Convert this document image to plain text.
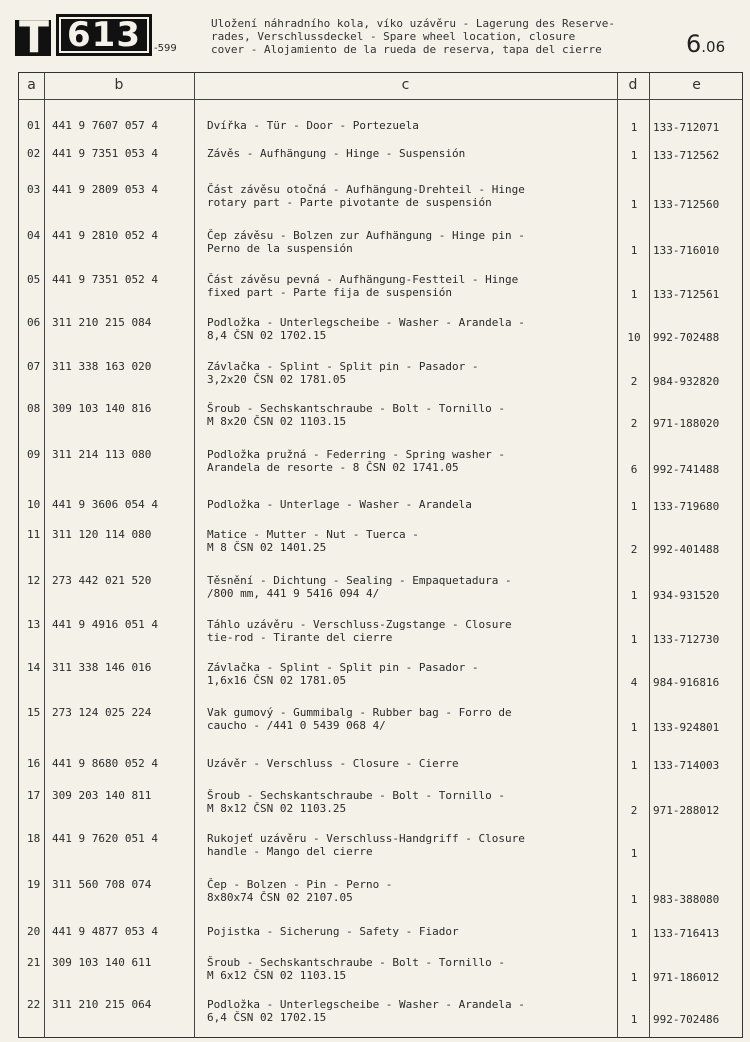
T 613	-599
Uložení náhradního kola, víko uzávěru - Lagerung des Reserve-
rades, Verschlussdeckel - Spare wheel location, closure
cover - Alojamiento de la rueda de reserva, tapa del cierre	6.06
a	b	c	d	e
01 441 9 7607 057 4	Dvířka - Tür - Door - Portezuela	1	133-712071
02 441 9 7351 053 4	Závěs - Aufhängung - Hinge - Suspensión	1	133-712562
03 441 9 2809 053 4	Část závěsu otočná - Aufhängung-Drehteil - Hinge
rotary part - Parte pivotante de suspensión	1	133-712560
04 441 9 2810 052 4	Čep závěsu - Bolzen zur Aufhängung - Hinge pin -
Perno de la suspensión	1	133-716010
05 441 9 7351 052 4	Část závěsu pevná - Aufhängung-Festteil - Hinge
fixed part - Parte fija de suspensión	1	133-712561
06 311 210 215 084	Podložka - Unterlegscheibe - Washer - Arandela -
8,4 ČSN 02 1702.15	10	992-702488
07 311 338 163 020	Závlačka - Splint - Split pin - Pasador -
3,2x20 ČSN 02 1781.05	2	984-932820
08 309 103 140 816	Šroub - Sechskantschraube - Bolt - Tornillo -
M 8x20 ČSN 02 1103.15	2	971-188020
09 311 214 113 080	Podložka pružná - Federring - Spring washer -
Arandela de resorte - 8 ČSN 02 1741.05	6	992-741488
10 441 9 3606 054 4	Podložka - Unterlage - Washer - Arandela	1	133-719680
11 311 120 114 080	Matice - Mutter - Nut - Tuerca -
M 8 ČSN 02 1401.25	2	992-401488
12 273 442 021 520	Těsnění - Dichtung - Sealing - Empaquetadura -
/800 mm, 441 9 5416 094 4/	1	934-931520
13 441 9 4916 051 4	Táhlo uzávěru - Verschluss-Zugstange - Closure
tie-rod - Tirante del cierre	1	133-712730
14 311 338 146 016	Závlačka - Splint - Split pin - Pasador -
1,6x16 ČSN 02 1781.05	4	984-916816
15 273 124 025 224	Vak gumový - Gummibalg - Rubber bag - Forro de
caucho - /441 0 5439 068 4/	1	133-924801
16 441 9 8680 052 4	Uzávěr - Verschluss - Closure - Cierre	1	133-714003
17 309 203 140 811	Šroub - Sechskantschraube - Bolt - Tornillo -
M 8x12 ČSN 02 1103.25	2	971-288012
18 441 9 7620 051 4	Rukojeť uzávěru - Verschluss-Handgriff - Closure
handle - Mango del cierre	1
19 311 560 708 074	Čep - Bolzen - Pin - Perno -
8x80x74 ČSN 02 2107.05	1	983-388080
20 441 9 4877 053 4	Pojistka - Sicherung - Safety - Fiador	1	133-716413
21 309 103 140 611	Šroub - Sechskantschraube - Bolt - Tornillo -
M 6x12 ČSN 02 1103.15	1	971-186012
22 311 210 215 064	Podložka - Unterlegscheibe - Washer - Arandela -
6,4 ČSN 02 1702.15	1	992-702486
